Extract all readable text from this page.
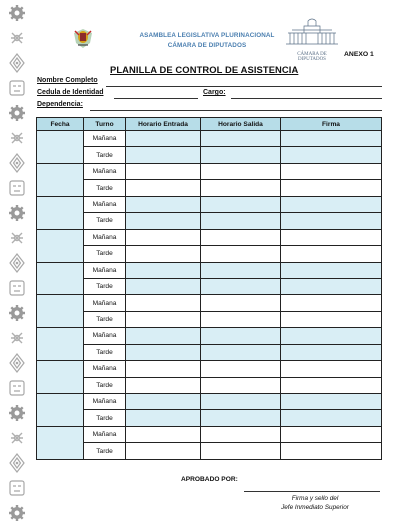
ASAMBLEA LEGISLATIVA PLURINACIONAL
CÁMARA DE DIPUTADOS
CÁMARA DE DIPUTADOS
ANEXO 1
PLANILLA DE CONTROL DE ASISTENCIA
Nombre Completo
Cedula de Identidad	Cargo:
Dependencia:
Fecha	Turno	Horario Entrada	Horario Salida	Firma
	Mañana			
	Tarde			
	Mañana			
	Tarde			
	Mañana			
	Tarde			
	Mañana			
	Tarde			
	Mañana			
	Tarde			
	Mañana			
	Tarde			
	Mañana			
	Tarde			
	Mañana			
	Tarde			
	Mañana			
	Tarde			
	Mañana			
	Tarde			
APROBADO POR:
Firma y sello del
Jefe Inmediato Superior
